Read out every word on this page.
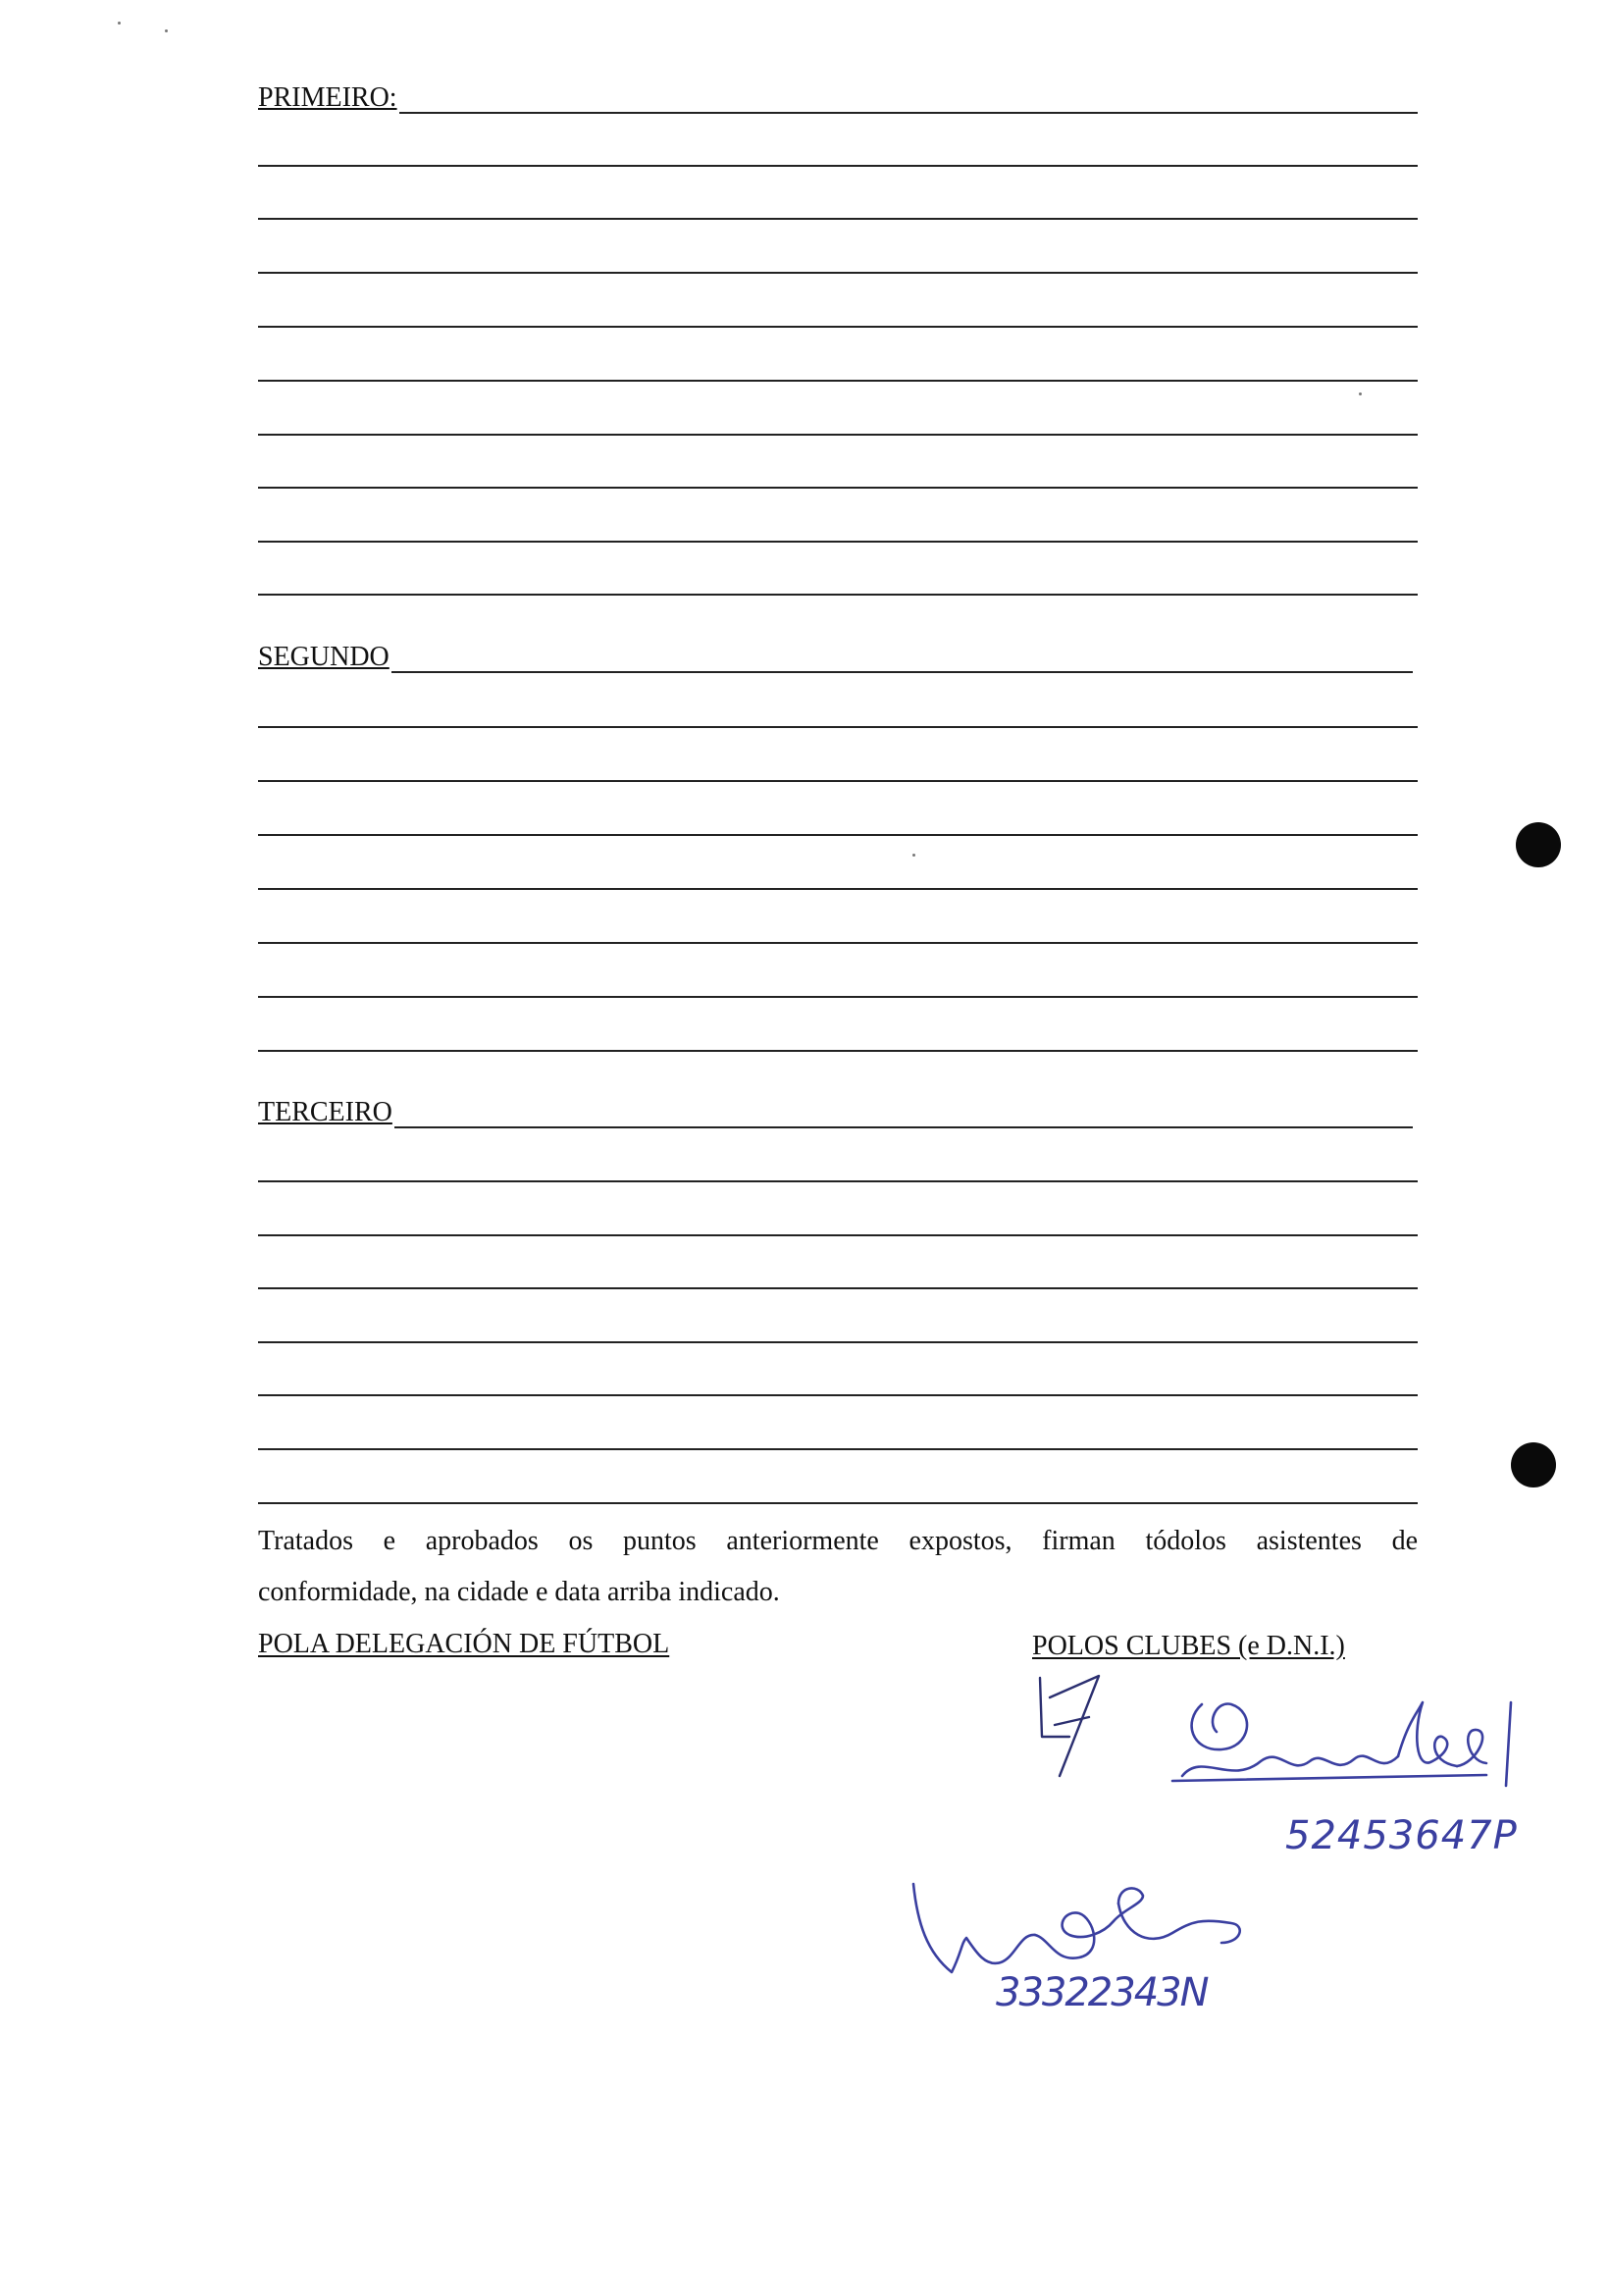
PRIMEIRO:
SEGUNDO
TERCEIRO
Tratados e aprobados os puntos anteriormente expostos, firman tódolos asistentes de
conformidade, na cidade e data arriba indicado.
POLA DELEGACIÓN DE FÚTBOL	POLOS CLUBES (e D.N.I.)
52453647P
33322343N
